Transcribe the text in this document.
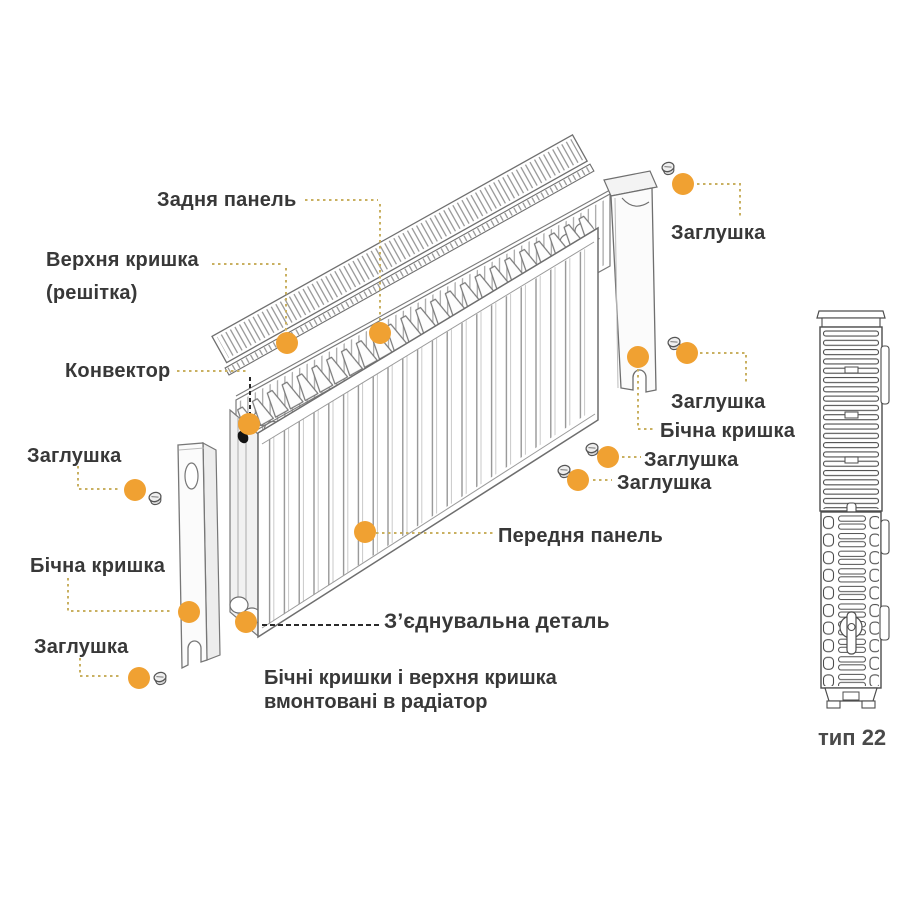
Задня панель
Верхня кришка
(решітка)
Конвектор
Заглушка
Бічна кришка
Заглушка
Заглушка
Заглушка
Бічна кришка
Заглушка
Заглушка
Передня панель
З’єднувальна деталь
Бічні кришки і верхня кришка
вмонтовані в радіатор
тип 22
